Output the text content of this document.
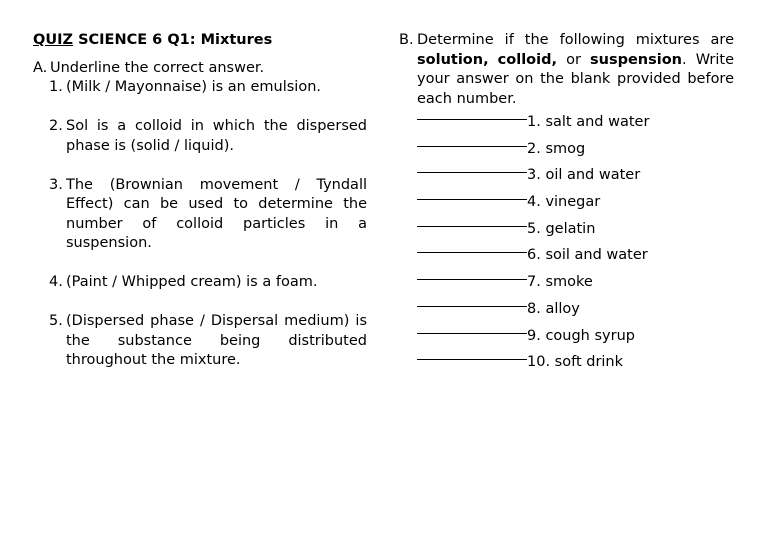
QUIZ SCIENCE 6 Q1: Mixtures
A. Underline the correct answer.
1. (Milk / Mayonnaise) is an emulsion.
2. Sol is a colloid in which the dispersed phase is (solid / liquid).
3. The (Brownian movement / Tyndall Effect) can be used to determine the number of colloid particles in a suspension.
4. (Paint / Whipped cream) is a foam.
5. (Dispersed phase / Dispersal medium) is the substance being distributed throughout the mixture.
B. Determine if the following mixtures are solution, colloid, or suspension. Write your answer on the blank provided before each number.
1. salt and water
2. smog
3. oil and water
4. vinegar
5. gelatin
6. soil and water
7. smoke
8. alloy
9. cough syrup
10. soft drink
